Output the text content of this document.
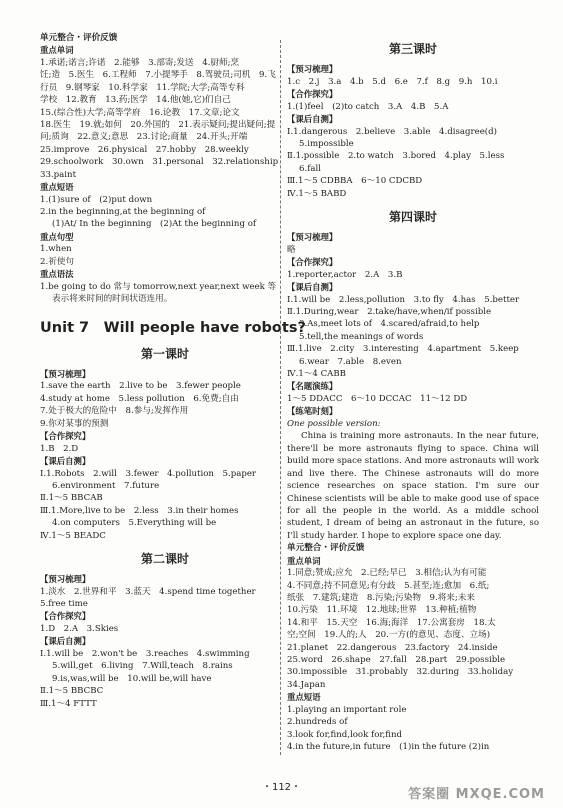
单元整合・评价反馈
重点单词
1.承诺;诺言;许诺　2.能够　3.部寄;发送　4.厨师;烹
饪;造　5.医生　6.工程师　7.小提琴手　8.驾驶员;司机　9.飞
行员　9.钢琴家　10.科学家　11.学院;大学;高等专科
学校　12.教育　13.药;医学　14.他(她,它)们自己
15.(综合性)大学;高等学府　16.论教　17.文章;论文
18.医生　19.就;如何　20.外国的　21.表示疑问;提出疑问;提
问;质询　22.意义;意思　23.讨论;商量　24.开头;开端
25.improve　26.physical　27.hobby　28.weekly
29.schoolwork　30.own　31.personal　32.relationship
33.paint
重点短语
1.(1)sure of　(2)put down
2.in the beginning,at the beginning of
(1)At/ In the beginning　(2)At the beginning of
重点句型
1.when
2.祈使句
重点语法
1.be going to do 常与 tomorrow,next year,next week 等
表示将来时间的时间状语连用。
Unit 7　Will people have robots?
第一课时
【预习梳理】
1.save the earth　2.live to be　3.fewer people
4.study at home　5.less pollution　6.免费;自由
7.处于极大的危险中　8.参与;发挥作用
9.你对某事的预测
【合作探究】
1.B　2.D
【课后自测】
Ⅰ.1.Robots　2.will　3.fewer　4.pollution　5.paper
6.environment　7.future
Ⅱ.1～5 BBCAB
Ⅲ.1.More,live to be　2.less　3.in their homes
4.on computers　5.Everything will be
Ⅳ.1～5 BEADC
第二课时
【预习梳理】
1.淡水　2.世界和平　3.蓝天　4.spend time together
5.free time
【合作探究】
1.D　2.A　3.Skies
【课后自测】
Ⅰ.1.will be　2.won't be　3.reaches　4.swimming
5.will,get　6.living　7.Will,teach　8.rains
9.is,was,will be　10.will be,will have
Ⅱ.1～5 BBCBC
Ⅲ.1～4 FTTT
第三课时
【预习梳理】
1.c　2.j　3.a　4.b　5.d　6.e　7.f　8.g　9.h　10.i
【合作探究】
1.(1)feel　(2)to catch　3.A　4.B　5.A
【课后自测】
Ⅰ.1.dangerous　2.believe　3.able　4.disagree(d)
5.impossible
Ⅱ.1.possible　2.to watch　3.bored　4.play　5.less
6.fall
Ⅲ.1～5 CDBBA　6～10 CDCBD
Ⅳ.1～5 BABD
第四课时
【预习梳理】
略
【合作探究】
1.reporter,actor　2.A　3.B
【课后自测】
Ⅰ.1.will be　2.less,pollution　3.to fly　4.has　5.better
Ⅱ.1.During,wear　2.take/have,when/if possible
3.As,meet lots of　4.scared/afraid,to help
5.tell,the meanings of words
Ⅲ.1.live　2.city　3.interesting　4.apartment　5.keep
6.wear　7.able　8.even
Ⅳ.1～4 CABB
【名题演练】
1～5 DDACC　6～10 DCCAC　11～12 DD
【练笔时刻】
One possible version:
China is training more astronauts. In the near future, there'll be more astronauts flying to space. China will build more space stations. And more astronauts will work and live there. The Chinese astronauts will do more science researches on space station. I'm sure our Chinese scientists will be able to make good use of space for all the people in the world. As a middle school student, I dream of being an astronaut in the future, so I'll study harder. I hope to explore space one day.
单元整合・评价反馈
重点单词
1.同意;赞成;应允　2.已经;早已　3.相信;认为有可能
4.不同意;持不同意见;有分歧　5.甚至;连;愈加　6.纸;
纸张　7.建筑;建造　8.污染;污染物　9.将来;未来
10.污染　11.环境　12.地球;世界　13.种植;植物
14.和平　15.天空　16.海;海洋　17.公寓套房　18.太
空;空间　19.人的;人　20.一方(的意见、态度、立场)
21.planet　22.dangerous　23.factory　24.inside
25.word　26.shape　27.fall　28.part　29.possible
30.impossible　31.probably　32.during　33.holiday
34.Japan
重点短语
1.playing an important role
2.hundreds of
3.look for,find,look for,find
4.in the future,in future　(1)in the future (2)in
・112・	答案圈 MXQE.COM
